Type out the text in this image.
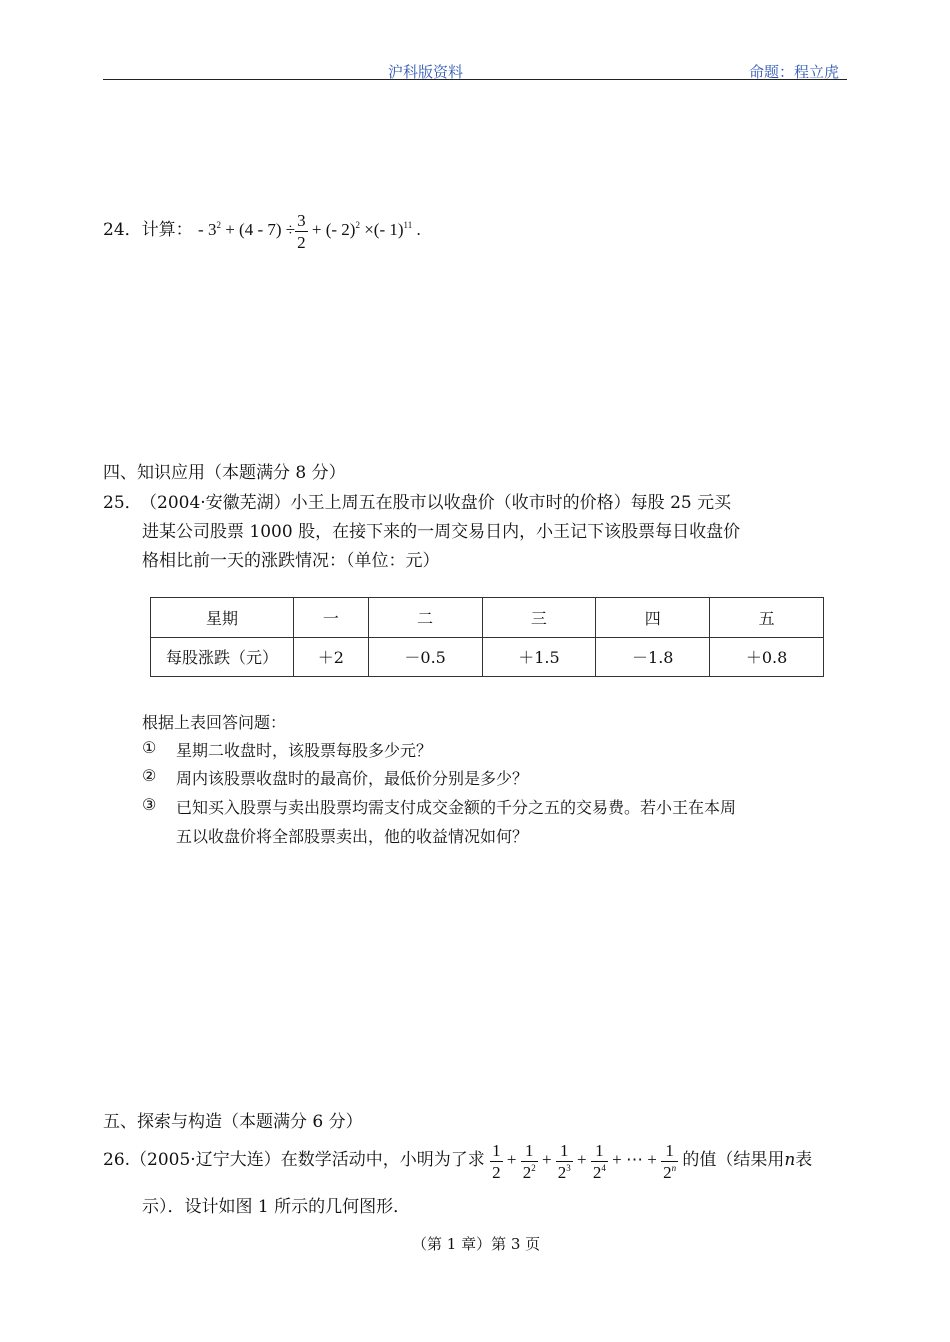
沪科版资料	命题：程立虎
24．计算： - $3^2 + (4 - 7) \div \frac{3}{2}$ + (- 2)$^2$ ×(- 1)$^{11}$ .
四、知识应用（本题满分 8 分）
25．
（2004·安徽芜湖）小王上周五在股市以收盘价（收市时的价格）每股 25 元买
进某公司股票 1000 股，在接下来的一周交易日内，小王记下该股票每日收盘价
格相比前一天的涨跌情况：（单位：元）
星期	一	二	三	四	五
每股涨跌（元）	＋2	－0.5	＋1.5	－1.8	＋0.8
根据上表回答问题：
① 星期二收盘时，该股票每股多少元？
② 周内该股票收盘时的最高价，最低价分别是多少？
③ 已知买入股票与卖出股票均需支付成交金额的千分之五的交易费。若小王在本周
五以收盘价将全部股票卖出，他的收益情况如何？
五、探索与构造（本题满分 6 分）
26.（2005·辽宁大连）在数学活动中，小明为了求 $\frac{1}{2} + \frac{1}{2^2} + \frac{1}{2^3} + \frac{1}{2^4}$ + ⋯ + $\frac{1}{2^n}$ 的值（结果用n表
示）．设计如图 1 所示的几何图形．
（第 1 章）第 3 页
